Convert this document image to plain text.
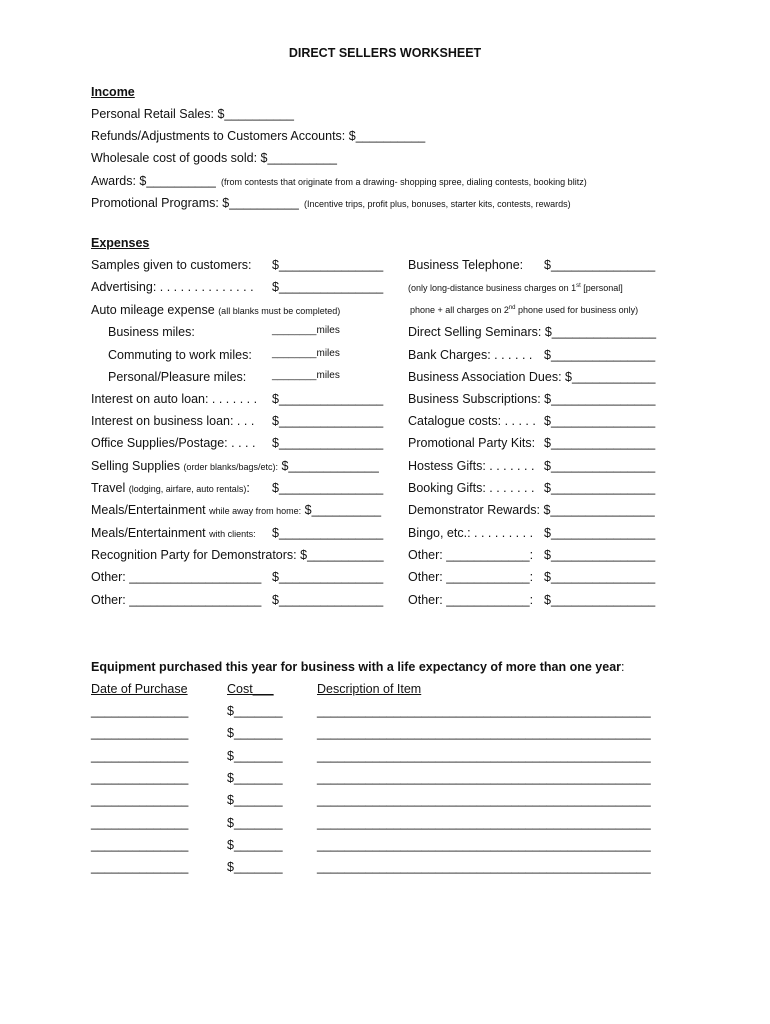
DIRECT SELLERS WORKSHEET
Income
Personal Retail Sales: $__________
Refunds/Adjustments to Customers Accounts: $__________
Wholesale cost of goods sold: $__________
Awards: $__________ (from contests that originate from a drawing- shopping spree, dialing contests, booking blitz)
Promotional Programs: $__________ (Incentive trips, profit plus, bonuses, starter kits, contests, rewards)
Expenses
Samples given to customers: $_______________
Advertising: . . . . . . . . . . . . . . $_______________
Auto mileage expense (all blanks must be completed)
Business miles:	________miles
Commuting to work miles: ________miles
Personal/Pleasure miles:	________miles
Interest on auto loan: . . . . . . . $_______________
Interest on business loan: . . . $_______________
Office Supplies/Postage: . . . . $_______________
Selling Supplies (order blanks/bags/etc): $_____________
Travel (lodging, airfare, auto rentals): $_______________
Meals/Entertainment while away from home: $__________
Meals/Entertainment with clients: $_______________
Recognition Party for Demonstrators: $___________
Other: ___________________ $_______________
Other: ___________________ $_______________
Business Telephone: $_______________
(only long-distance business charges on 1st [personal]
phone + all charges on 2nd phone used for business only)
Direct Selling Seminars: $_______________
Bank Charges: . . . . . . $_______________
Business Association Dues: $____________
Business Subscriptions: $_______________
Catalogue costs: . . . . . $_______________
Promotional Party Kits: $_______________
Hostess Gifts: . . . . . . . $_______________
Booking Gifts: . . . . . . . $_______________
Demonstrator Rewards: $_______________
Bingo, etc.: . . . . . . . . . $_______________
Other: ____________: $_______________
Other: ____________: $_______________
Other: ____________: $_______________
Equipment purchased this year for business with a life expectancy of more than one year:
Date of Purchase	Cost___	Description of Item
______________	$_______	________________________________________________
______________	$_______	________________________________________________
______________	$_______	________________________________________________
______________	$_______	________________________________________________
______________	$_______	________________________________________________
______________	$_______	________________________________________________
______________	$_______	________________________________________________
______________	$_______	________________________________________________
